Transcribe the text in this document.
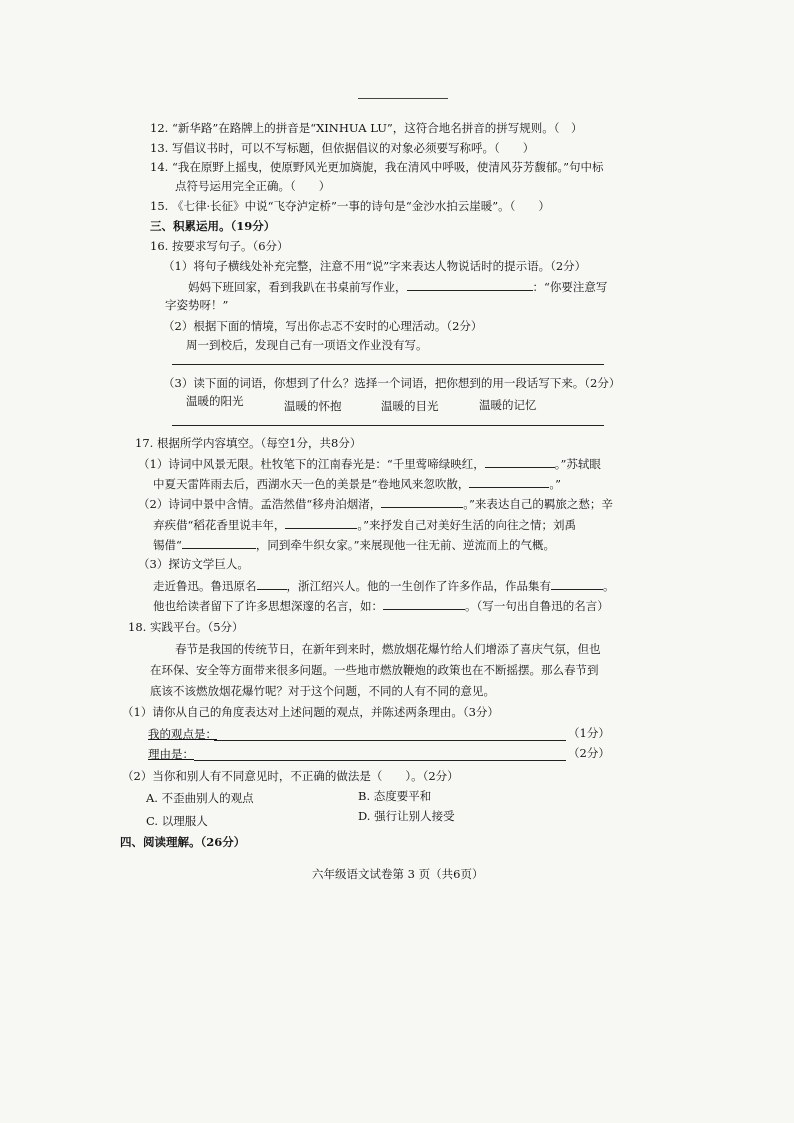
12. “新华路”在路牌上的拼音是“XINHUA LU”，这符合地名拼音的拼写规则。（　）
13. 写倡议书时，可以不写标题，但依据倡议的对象必须要写称呼。（　　）
14. “我在原野上摇曳，使原野风光更加旖旎，我在清风中呼吸，使清风芬芳馥郁。”句中标
点符号运用完全正确。（　　）
15. 《七律·长征》中说“飞夺泸定桥”一事的诗句是“金沙水拍云崖暖”。（　　）
三、积累运用。（19分）
16. 按要求写句子。（6分）
（1）将句子横线处补充完整，注意不用“说”字来表达人物说话时的提示语。（2分）
妈妈下班回家，看到我趴在书桌前写作业，	：“你要注意写
字姿势呀！”
（2）根据下面的情境，写出你忐忑不安时的心理活动。（2分）
周一到校后，发现自己有一项语文作业没有写。
（3）读下面的词语，你想到了什么？选择一个词语，把你想到的用一段话写下来。（2分）
温暖的阳光	温暖的怀抱	温暖的目光	温暖的记忆
17. 根据所学内容填空。（每空1分，共8分）
（1）诗词中风景无限。杜牧笔下的江南春光是：“千里莺啼绿映红，	。”苏轼眼
中夏天雷阵雨去后，西湖水天一色的美景是“卷地风来忽吹散，	。”
（2）诗词中景中含情。孟浩然借“移舟泊烟渚，	。”来表达自己的羁旅之愁；辛
弃疾借“稻花香里说丰年，	。”来抒发自己对美好生活的向往之情；刘禹
锡借“	，同到牵牛织女家。”来展现他一往无前、逆流而上的气概。
（3）探访文学巨人。
走近鲁迅。鲁迅原名	，浙江绍兴人。他的一生创作了许多作品，作品集有	。
他也给读者留下了许多思想深邃的名言，如：	。（写一句出自鲁迅的名言）
18. 实践平台。（5分）
春节是我国的传统节日，在新年到来时，燃放烟花爆竹给人们增添了喜庆气氛，但也
在环保、安全等方面带来很多问题。一些地市燃放鞭炮的政策也在不断摇摆。那么春节到
底该不该燃放烟花爆竹呢？对于这个问题，不同的人有不同的意见。
（1）请你从自己的角度表达对上述问题的观点，并陈述两条理由。（3分）
我的观点是：	（1分）
理由是：	（2分）
（2）当你和别人有不同意见时，不正确的做法是（　　）。（2分）
A. 不歪曲别人的观点	B. 态度要平和
C. 以理服人	D. 强行让别人接受
四、阅读理解。（26分）
六年级语文试卷第 3 页（共6页）
